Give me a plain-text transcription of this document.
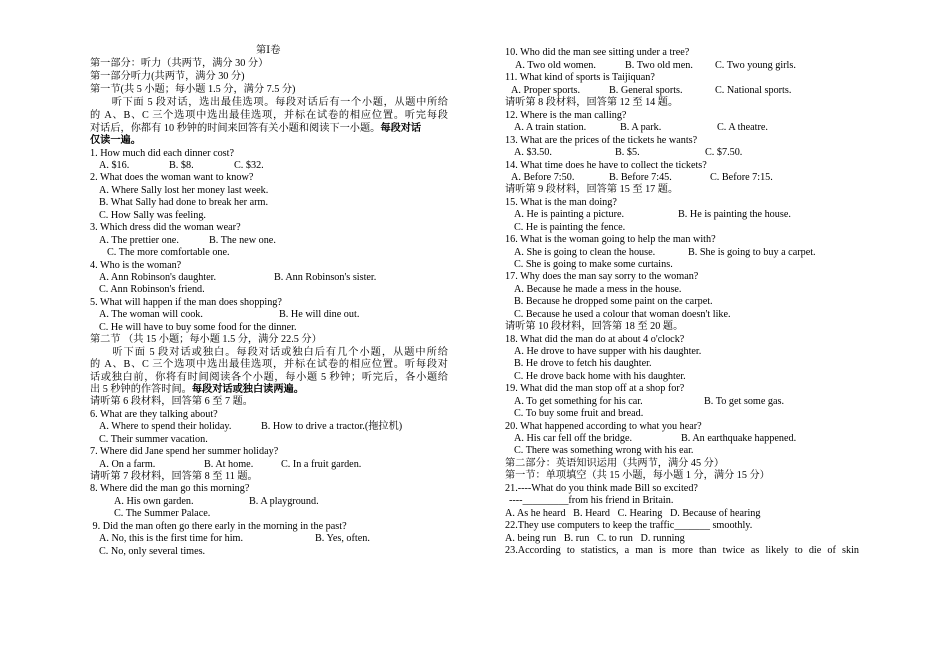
第Ⅰ卷
第一部分：听力（共两节，满分 30 分）
第一部分听力(共两节，满分 30 分)
第一节(共 5 小题；每小题 1.5 分，满分 7.5 分)
　　听下面 5 段对话，选出最佳选项。每段对话后有一个小题，从题中所给
的 A、B、C 三个选项中选出最佳选项，并标在试卷的相应位置。听完每段
对话后，你都有 10 秒钟的时间来回答有关小题和阅读下一小题。每段对话
仅读一遍。
1. How much did each dinner cost?
A. $16.	B. $8.	C. $32.
2. What does the woman want to know?
A. Where Sally lost her money last week.
B. What Sally had done to break her arm.
C. How Sally was feeling.
3. Which dress did the woman wear?
A. The prettier one.	B. The new one.
C. The more comfortable one.
4. Who is the woman?
A. Ann Robinson's daughter.	B. Ann Robinson's sister.
C. Ann Robinson's friend.
5. What will happen if the man does shopping?
A. The woman will cook.	B. He will dine out.
C. He will have to buy some food for the dinner.
第二节 （共 15 小题；每小题 1.5 分，满分 22.5 分）
　　听下面 5 段对话或独白。每段对话或独白后有几个小题，从题中所给
的 A、B、C 三个选项中选出最佳选项，并标在试卷的相应位置。听每段对
话或独白前，你将有时间阅读各个小题，每小题 5 秒钟；听完后，各小题给
出 5 秒钟的作答时间。每段对话或独白读两遍。
请听第 6 段材料，回答第 6 至 7 题。
6. What are they talking about?
A. Where to spend their holiday.	B. How to drive a tractor.(拖拉机)
C. Their summer vacation.
7. Where did Jane spend her summer holiday?
A. On a farm.	B. At home.	C. In a fruit garden.
请听第 7 段材料，回答第 8 至 11 题。
8. Where did the man go this morning?
A. His own garden.	B. A playground.
C. The Summer Palace.
9. Did the man often go there early in the morning in the past?
A. No, this is the first time for him.	B. Yes, often.
C. No, only several times.
10. Who did the man see sitting under a tree?
A. Two old women.	B. Two old men. C. Two young girls.
11. What kind of sports is Taijiquan?
A. Proper sports.	B. General sports.	C. National sports.
请听第 8 段材料，回答第 12 至 14 题。
12. Where is the man calling?
A. A train station.	B. A park.	C. A theatre.
13. What are the prices of the tickets he wants?
A. $3.50.	B. $5.	C. $7.50.
14. What time does he have to collect the tickets?
A. Before 7:50.	B. Before 7:45.	C. Before 7:15.
请听第 9 段材料，回答第 15 至 17 题。
15. What is the man doing?
A. He is painting a picture.	B. He is painting the house.
C. He is painting the fence.
16. What is the woman going to help the man with?
A. She is going to clean the house.	B. She is going to buy a carpet.
C. She is going to make some curtains.
17. Why does the man say sorry to the woman?
A. Because he made a mess in the house.
B. Because he dropped some paint on the carpet.
C. Because he used a colour that woman doesn't like.
请听第 10 段材料，回答第 18 至 20 题。
18. What did the man do at about 4 o'clock?
A. He drove to have supper with his daughter.
B. He drove to fetch his daughter.
C. He drove back home with his daughter.
19. What did the man stop off at a shop for?
A. To get something for his car.	B. To get some gas.
C. To buy some fruit and bread.
20. What happened according to what you hear?
A. His car fell off the bridge.	B. An earthquake happened.
C. There was something wrong with his ear.
第二部分：英语知识运用（共两节，满分 45 分）
第一节：单项填空（共 15 小题，每小题 1 分，满分 15 分）
21.----What do you think made Bill so excited?
----_________from his friend in Britain.
A. As he heard   B. Heard   C. Hearing   D. Because of hearing
22.They use computers to keep the traffic_______ smoothly.
A. being run   B. run   C. to run   D. running
23.According to statistics, a man is more than twice as likely to die of skin
